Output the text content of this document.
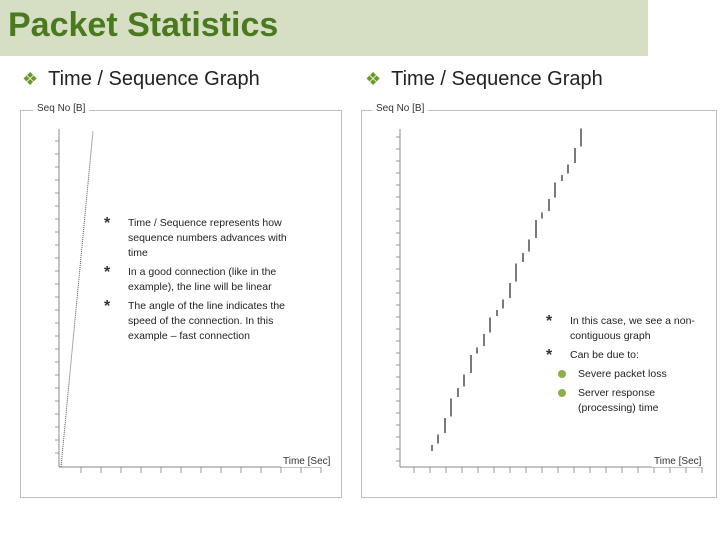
Packet Statistics
❖ Time / Sequence Graph	❖ Time / Sequence Graph
Seq No [B]
Time [Sec]
* Time / Sequence represents how sequence numbers advances with time
* In a good connection (like in the example), the line will be linear
* The angle of the line indicates the speed of the connection. In this example – fast connection
Seq No [B]
Time [Sec]
* In this case, we see a non-contiguous graph
* Can be due to:
Severe packet loss
Server response (processing) time
